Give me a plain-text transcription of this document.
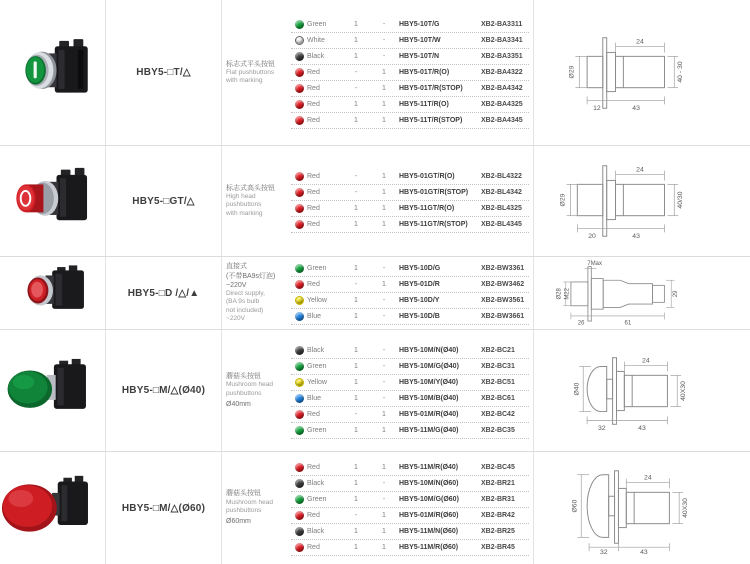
HBY5-□T/△
标志式平头按钮
Flat pushbuttons
with marking
Green	1	-	HBY5-10T/G	XB2-BA3311
White	1	-	HBY5-10T/W	XB2-BA3341
Black	1	-	HBY5-10T/N	XB2-BA3351
Red	-	1	HBY5-01T/R(O)	XB2-BA4322
Red	-	1	HBY5-01T/R(STOP)	XB2-BA4342
Red	1	1	HBY5-11T/R(O)	XB2-BA4325
Red	1	1	HBY5-11T/R(STOP)	XB2-BA4345
24
40 - 30
Ø29
12	43
HBY5-□GT/△
标志式高头按钮
High head
pushbuttons
with marking
Red	-	1	HBY5-01GT/R(O)	XB2-BL4322
Red	-	1	HBY5-01GT/R(STOP)	XB2-BL4342
Red	1	1	HBY5-11GT/R(O)	XB2-BL4325
Red	1	1	HBY5-11GT/R(STOP)	XB2-BL4345
24
40/30
Ø29
20	43
HBY5-□D /△/▲
直接式
(不带BA9s灯泡)
~220V
Direct supply,
(BA 9s bulb
not included)
~220V
Green	1	-	HBY5-10D/G	XB2-BW3361
Red	-	1	HBY5-01D/R	XB2-BW3462
Yellow	1	-	HBY5-10D/Y	XB2-BW3561
Blue	1	-	HBY5-10D/B	XB2-BW3661
7Max
Ø28 M22	29
26	61
HBY5-□M/△(Ø40)
蘑菇头按钮
Mushroom head
pushbuttons
Ø40mm
Black	1	-	HBY5-10M/N(Ø40)	XB2-BC21
Green	1	-	HBY5-10M/G(Ø40)	XB2-BC31
Yellow	1	-	HBY5-10M/Y(Ø40)	XB2-BC51
Blue	1	-	HBY5-10M/B(Ø40)	XB2-BC61
Red	-	1	HBY5-01M/R(Ø40)	XB2-BC42
Green	1	1	HBY5-11M/G(Ø40)	XB2-BC35
24
Ø40	40X30
32	43
HBY5-□M/△(Ø60)
蘑菇头按钮
Mushroom head
pushbuttons
Ø60mm
Red	1	1	HBY5-11M/R(Ø40)	XB2-BC45
Black	1	-	HBY5-10M/N(Ø60)	XB2-BR21
Green	1	-	HBY5-10M/G(Ø60)	XB2-BR31
Red	-	1	HBY5-01M/R(Ø60)	XB2-BR42
Black	1	1	HBY5-11M/N(Ø60)	XB2-BR25
Red	1	1	HBY5-11M/R(Ø60)	XB2-BR45
24
Ø60	40X30
32	43
